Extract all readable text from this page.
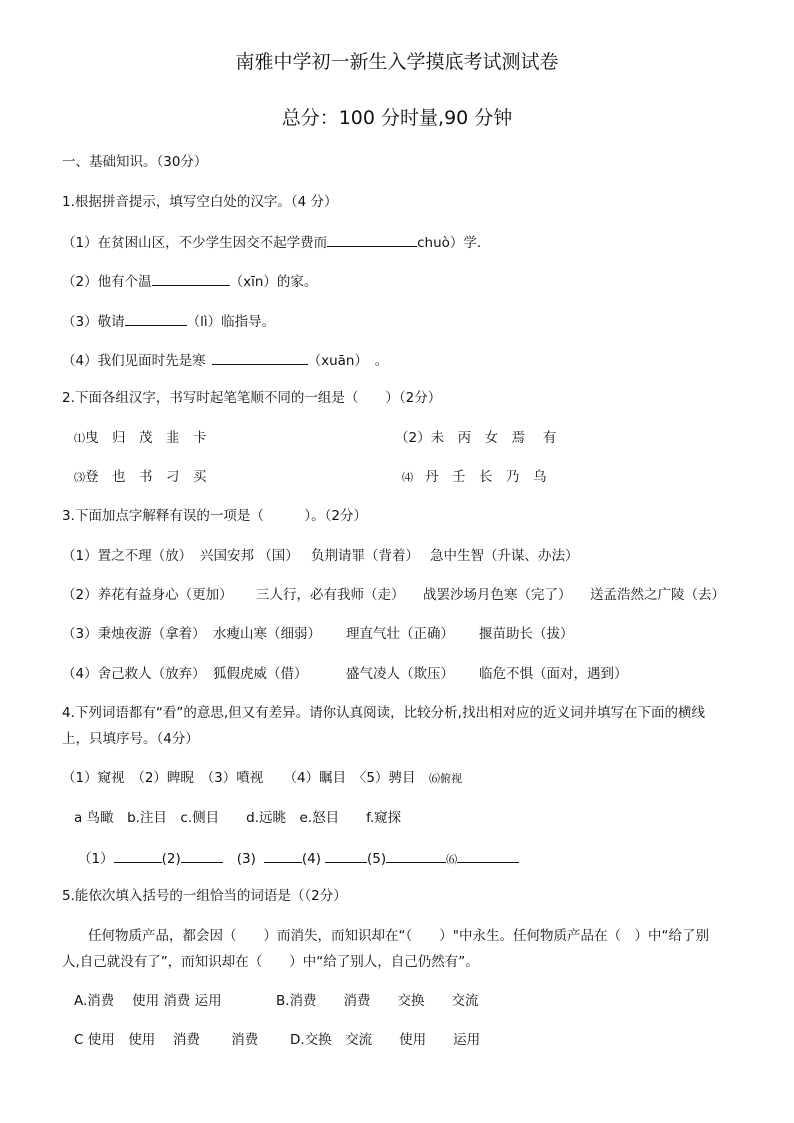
南雅中学初一新生入学摸底考试测试卷
总分：100 分时量,90 分钟
一、基础知识。（30分）
1.根据拼音提示，填写空白处的汉字。（4 分）
（1）在贫困山区，不少学生因交不起学费而	chuò）学.
（2）他有个温	（xīn）的家。
（3）敬请	（lì）临指导。
（4）我们见面时先是寒	（xuān）　。
2.下面各组汉字，书写时起笔笔顺不同的一组是（　　）（2分）
⑴曳　归　茂　韭　卡	（2）未　丙　女　焉　 有
⑶登　也　书　刁　买	⑷ 丹　壬　长　乃　乌
3.下面加点字解释有误的一项是（　　　）。（2分）
（1）置之不理（放） 兴国安邦 （国） 负荆请罪（背着） 急中生智（升谋、办法）
（2）养花有益身心（更加） 三人行，必有我师（走） 战罢沙场月色寒（完了） 送孟浩然之广陵（去）
（3）秉烛夜游（拿着） 水瘦山寒（细弱） 理直气壮（正确） 揠苗助长（拔）
（4）舍己救人（放弃） 狐假虎威（借）	盛气凌人（欺压） 临危不惧（面对，遇到）
4.下列词语都有“看”的意思,但又有差异。请你认真阅读，比较分析,找出相对应的近义词并填写在下面的横线
上，只填序号。（4分）
（1）窥视　（2）睥睨　（3）噴视　　（4）瞩目　〈5）骋目　⑹俯视
a 鸟瞰　b.注目　c.侧目　　d.远眺　e.怒目　　f.窥探
（1）	(2)	(3)	(4)	(5)	⑹
5.能依次填入括号的一组恰当的词语是（（2分）
任何物质产品，都会因（　　）而消失，而知识却在“（　　）"中永生。任何物质产品在（　）中“给了别
人,自己就没有了”，而知识却在（　　）中“给了别人，自己仍然有”。
A.消费　 使用 消费 运用	B.消费　　消费　　交换　　交流
C 使用　使用　 消费　　 消费 D.交换　交流　　使用　　运用
